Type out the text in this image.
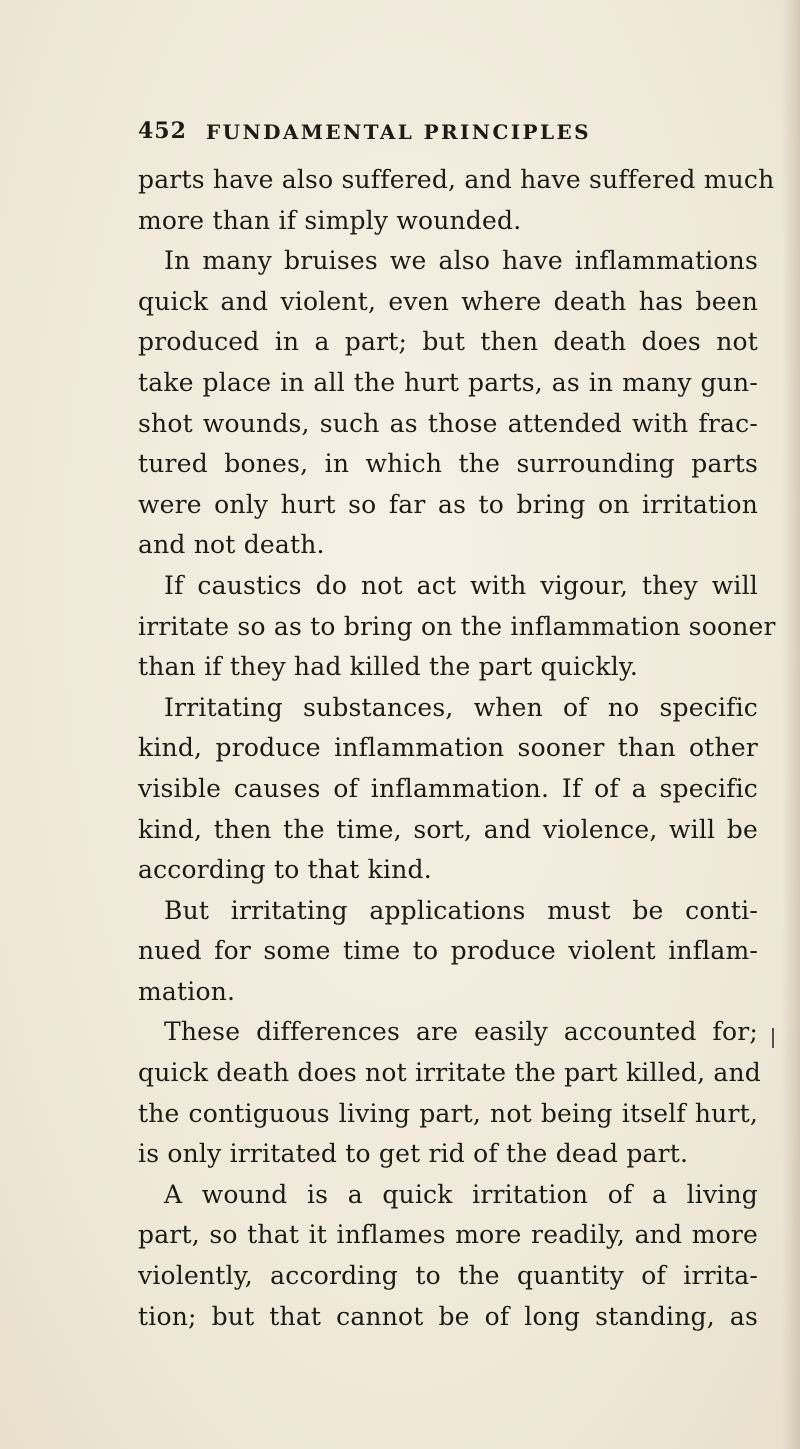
452 FUNDAMENTAL PRINCIPLES
parts have also suffered, and have suffered much
more than if simply wounded.
In many bruises we also have inflammations
quick and violent, even where death has been
produced in a part; but then death does not
take place in all the hurt parts, as in many gun-
shot wounds, such as those attended with frac-
tured bones, in which the surrounding parts
were only hurt so far as to bring on irritation
and not death.
If caustics do not act with vigour, they will
irritate so as to bring on the inflammation sooner
than if they had killed the part quickly.
Irritating substances, when of no specific
kind, produce inflammation sooner than other
visible causes of inflammation. If of a specific
kind, then the time, sort, and violence, will be
according to that kind.
But irritating applications must be conti-
nued for some time to produce violent inflam-
mation.
These differences are easily accounted for;
quick death does not irritate the part killed, and
the contiguous living part, not being itself hurt,
is only irritated to get rid of the dead part.
A wound is a quick irritation of a living
part, so that it inflames more readily, and more
violently, according to the quantity of irrita-
tion; but that cannot be of long standing, as
